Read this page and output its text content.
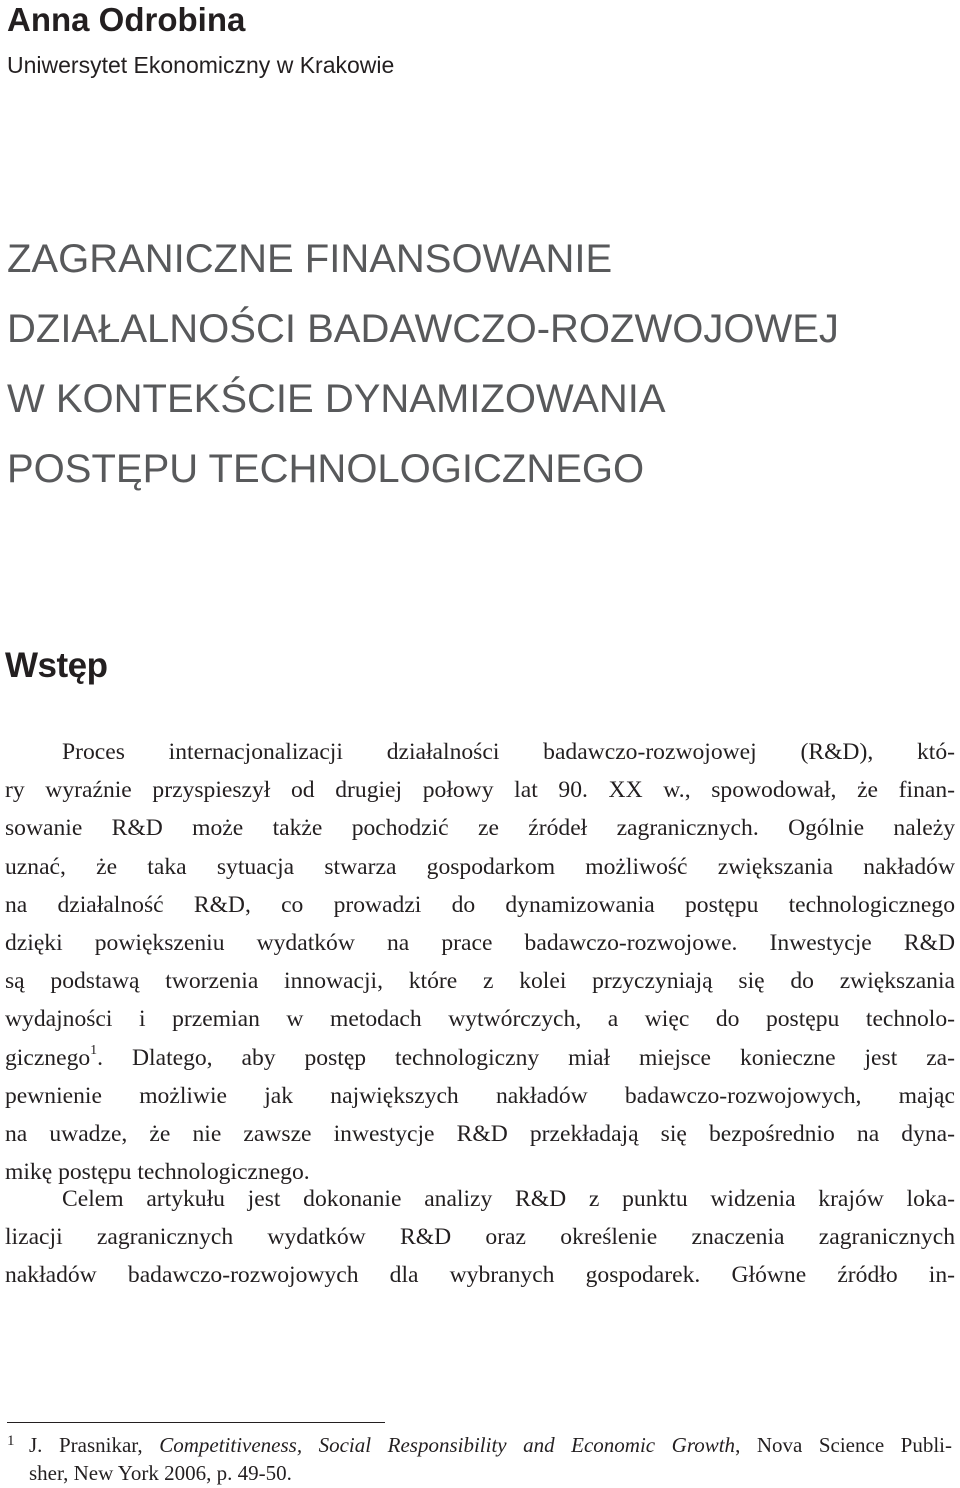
Anna Odrobina
Uniwersytet Ekonomiczny w Krakowie
ZAGRANICZNE FINANSOWANIE
DZIAŁALNOŚCI BADAWCZO-ROZWOJOWEJ
W KONTEKŚCIE DYNAMIZOWANIA
POSTĘPU TECHNOLOGICZNEGO
Wstęp
Proces internacjonalizacji działalności badawczo-rozwojowej (R&D), któ-
ry wyraźnie przyspieszył od drugiej połowy lat 90. XX w., spowodował, że finan-
sowanie R&D może także pochodzić ze źródeł zagranicznych. Ogólnie należy
uznać, że taka sytuacja stwarza gospodarkom możliwość zwiększania nakładów
na działalność R&D, co prowadzi do dynamizowania postępu technologicznego
dzięki powiększeniu wydatków na prace badawczo-rozwojowe. Inwestycje R&D
są podstawą tworzenia innowacji, które z kolei przyczyniają się do zwiększania
wydajności i przemian w metodach wytwórczych, a więc do postępu technolo-
gicznego$^1$. Dlatego, aby postęp technologiczny miał miejsce konieczne jest za-
pewnienie możliwie jak największych nakładów badawczo-rozwojowych, mając
na uwadze, że nie zawsze inwestycje R&D przekładają się bezpośrednio na dyna-
mikę postępu technologicznego.
Celem artykułu jest dokonanie analizy R&D z punktu widzenia krajów loka-
lizacji zagranicznych wydatków R&D oraz określenie znaczenia zagranicznych
nakładów badawczo-rozwojowych dla wybranych gospodarek. Główne źródło in-
1 J. Prasnikar, Competitiveness, Social Responsibility and Economic Growth, Nova Science Publi-
sher, New York 2006, p. 49-50.
